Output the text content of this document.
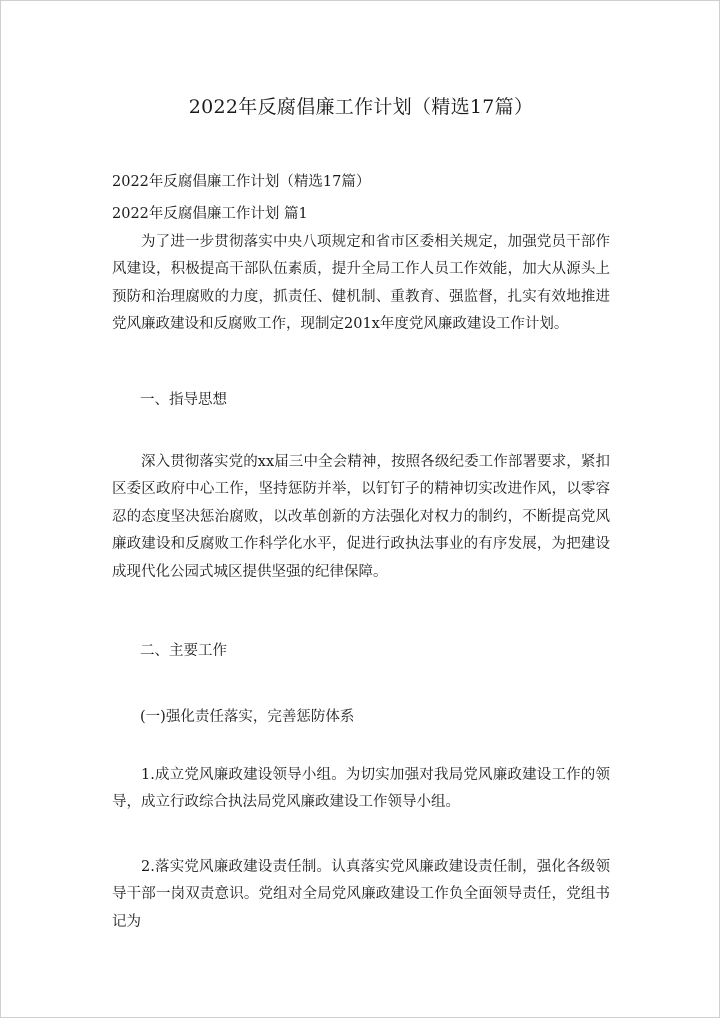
2022年反腐倡廉工作计划（精选17篇）
2022年反腐倡廉工作计划（精选17篇）
2022年反腐倡廉工作计划 篇1
为了进一步贯彻落实中央八项规定和省市区委相关规定，加强党员干部作风建设，积极提高干部队伍素质，提升全局工作人员工作效能，加大从源头上预防和治理腐败的力度，抓责任、健机制、重教育、强监督，扎实有效地推进党风廉政建设和反腐败工作，现制定201x年度党风廉政建设工作计划。
一、指导思想
深入贯彻落实党的xx届三中全会精神，按照各级纪委工作部署要求，紧扣区委区政府中心工作，坚持惩防并举，以钉钉子的精神切实改进作风，以零容忍的态度坚决惩治腐败，以改革创新的方法强化对权力的制约，不断提高党风廉政建设和反腐败工作科学化水平，促进行政执法事业的有序发展，为把建设成现代化公园式城区提供坚强的纪律保障。
二、主要工作
(一)强化责任落实，完善惩防体系
1.成立党风廉政建设领导小组。为切实加强对我局党风廉政建设工作的领导，成立行政综合执法局党风廉政建设工作领导小组。
2.落实党风廉政建设责任制。认真落实党风廉政建设责任制，强化各级领导干部一岗双责意识。党组对全局党风廉政建设工作负全面领导责任，党组书记为
